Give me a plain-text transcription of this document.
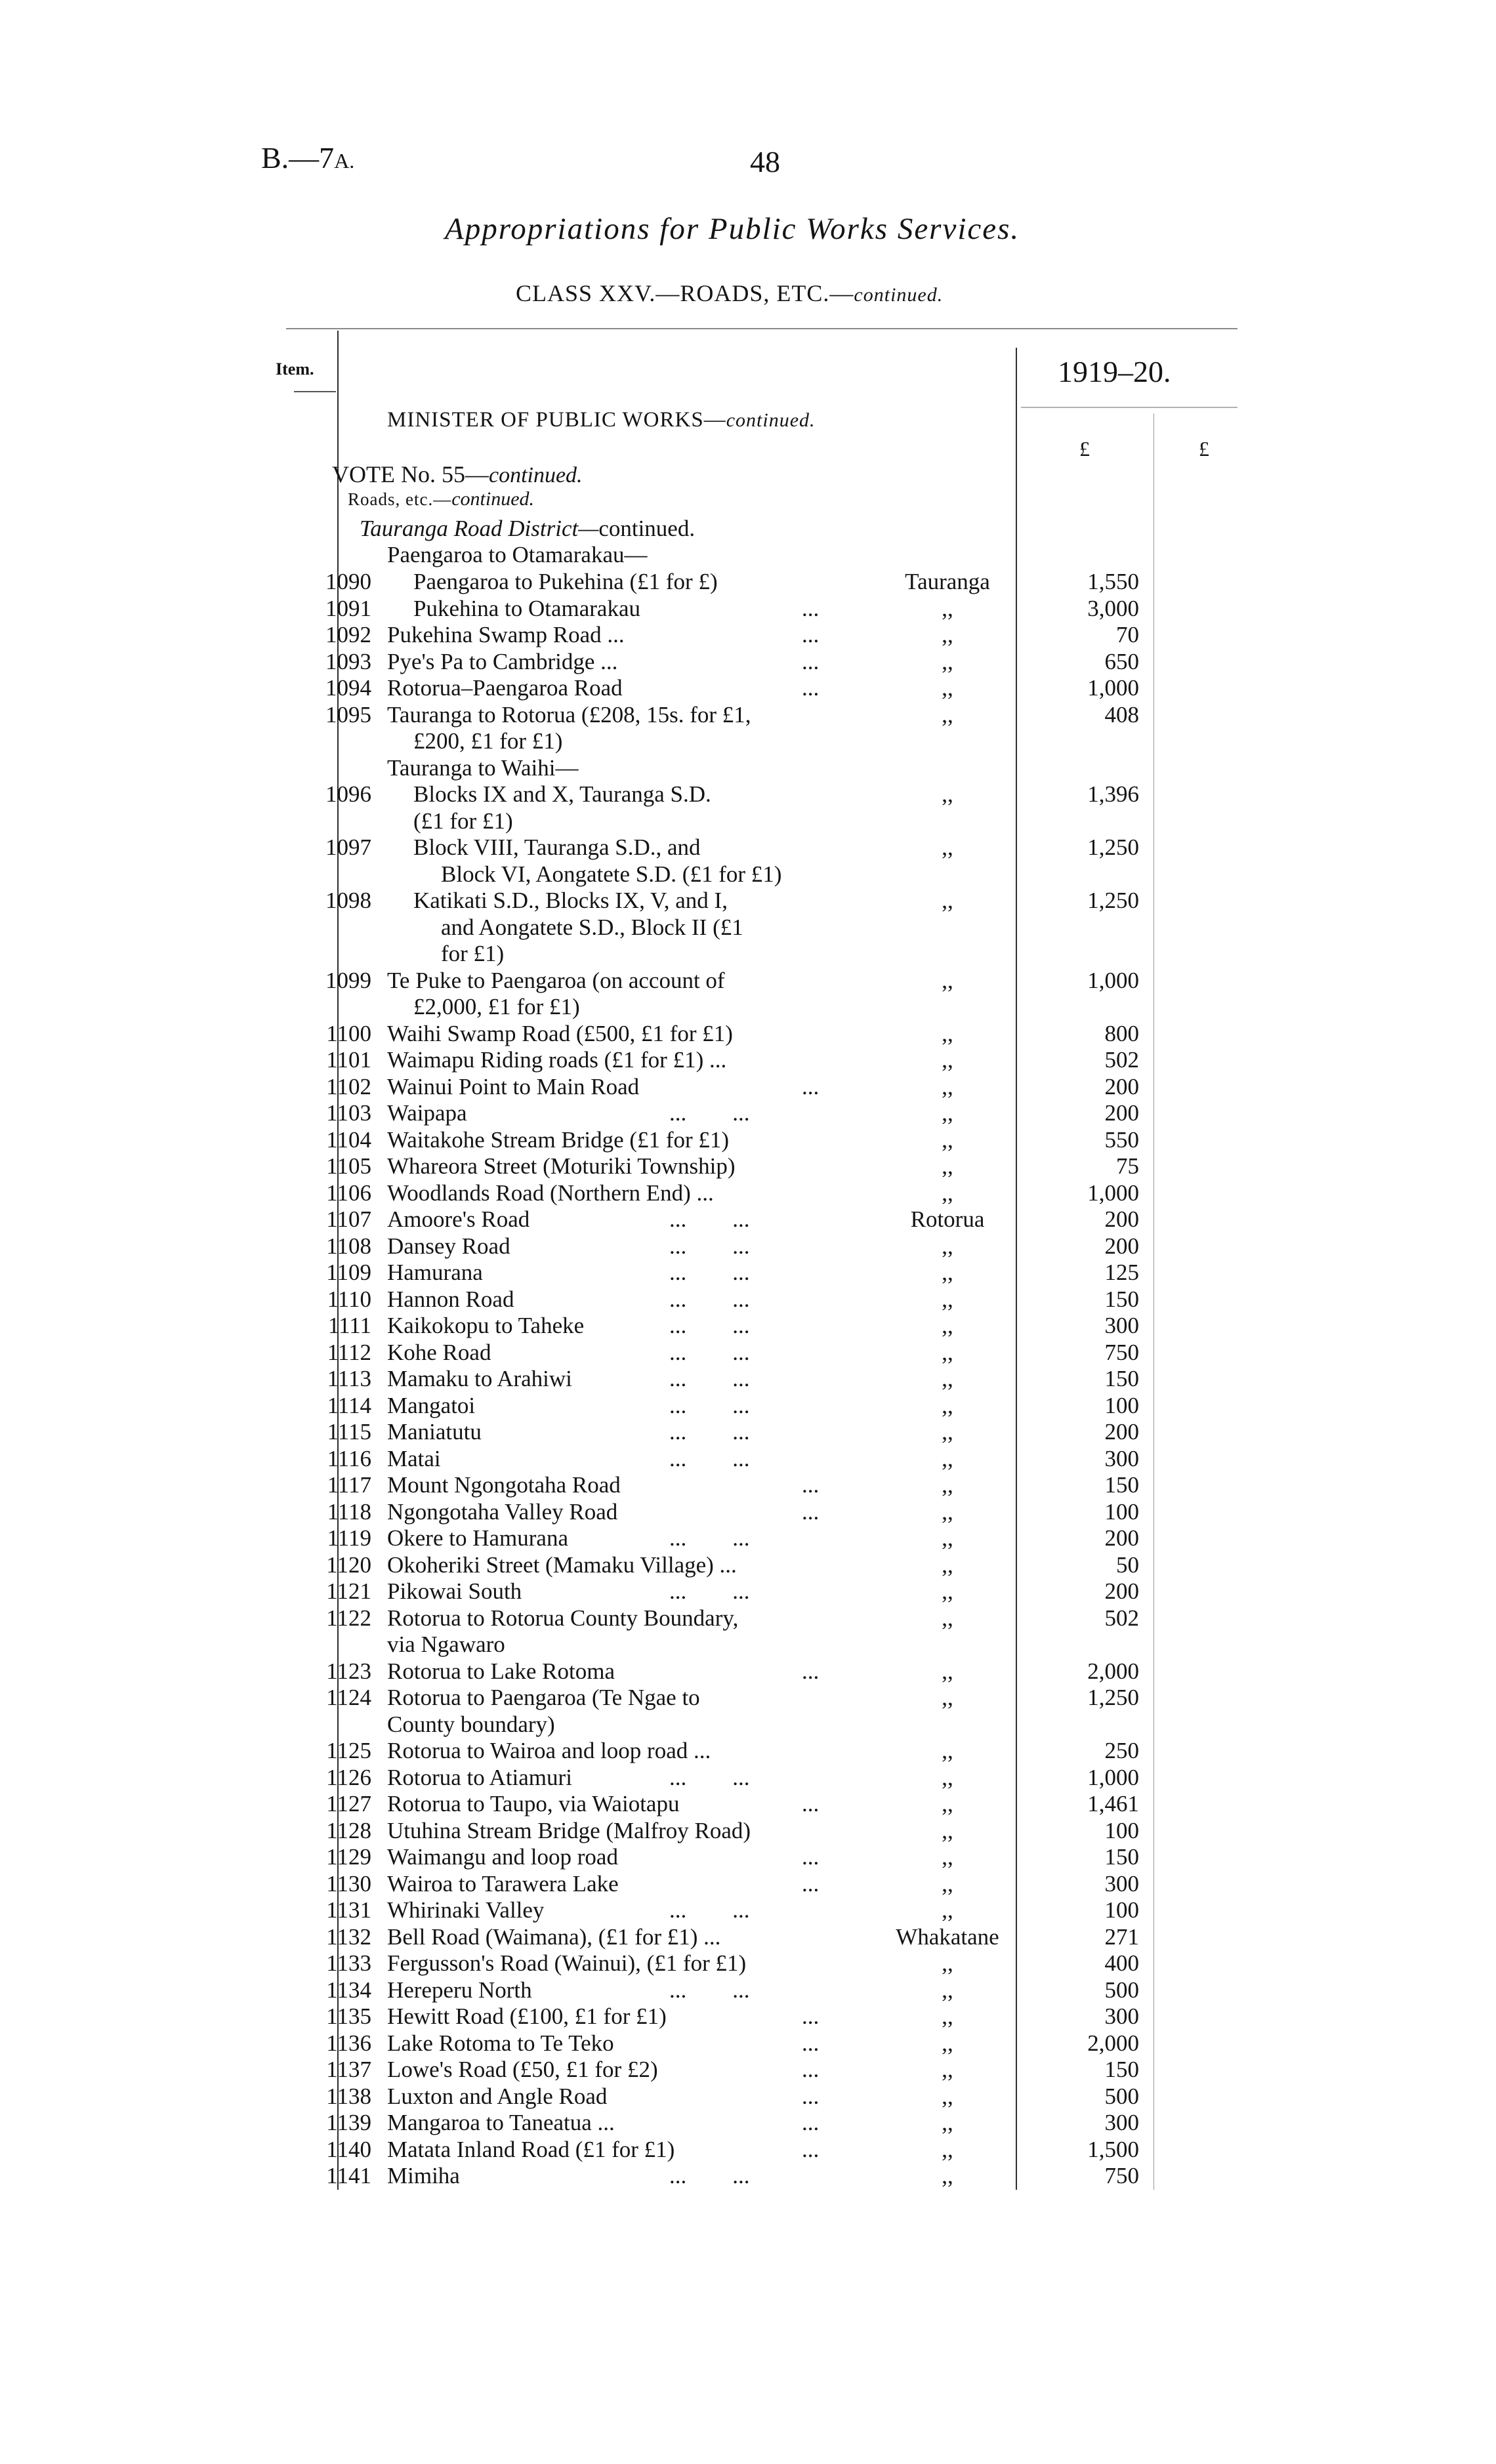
B.—7A.	48
Appropriations for Public Works Services.
CLASS XXV.—ROADS, ETC.—continued.
Item.	1919–20.
MINISTER OF PUBLIC WORKS—continued.
£	£
VOTE No. 55—continued.
Roads, etc.—continued.
Tauranga Road District—continued.
Paengaroa to Otamarakau—
1090 Paengaroa to Pukehina (£1 for £)	Tauranga	1,550
1091 Pukehina to Otamarakau	...	,,	3,000
1092 Pukehina Swamp Road ...	...	,,	70
1093 Pye's Pa to Cambridge ...	...	,,	650
1094 Rotorua–Paengaroa Road	...	,,	1,000
1095 Tauranga to Rotorua (£208, 15s. for £1,	,,	408
£200, £1 for £1)
Tauranga to Waihi—
1096 Blocks IX and X, Tauranga S.D.	,,	1,396
(£1 for £1)
1097 Block VIII, Tauranga S.D., and	,,	1,250
Block VI, Aongatete S.D. (£1 for £1)
1098 Katikati S.D., Blocks IX, V, and I,	,,	1,250
and Aongatete S.D., Block II (£1
for £1)
1099 Te Puke to Paengaroa (on account of	,,	1,000
£2,000, £1 for £1)
1100 Waihi Swamp Road (£500, £1 for £1)	,,	800
1101 Waimapu Riding roads (£1 for £1) ...	,,	502
1102 Wainui Point to Main Road	...	,,	200
1103 Waipapa	...        ...	,,	200
1104 Waitakohe Stream Bridge (£1 for £1)	,,	550
1105 Whareora Street (Moturiki Township)	,,	75
1106 Woodlands Road (Northern End) ...	,,	1,000
1107 Amoore's Road	...        ...	Rotorua	200
1108 Dansey Road	...        ...	,,	200
1109 Hamurana	...        ...	,,	125
1110 Hannon Road	...        ...	,,	150
1111 Kaikokopu to Taheke	...        ...	,,	300
1112 Kohe Road	...        ...	,,	750
1113 Mamaku to Arahiwi	...        ...	,,	150
1114 Mangatoi	...        ...	,,	100
1115 Maniatutu	...        ...	,,	200
1116 Matai	...        ...	,,	300
1117 Mount Ngongotaha Road	...	,,	150
1118 Ngongotaha Valley Road	...	,,	100
1119 Okere to Hamurana	...        ...	,,	200
1120 Okoheriki Street (Mamaku Village) ...	,,	50
1121 Pikowai South	...        ...	,,	200
1122 Rotorua to Rotorua County Boundary,	,,	502
via Ngawaro
1123 Rotorua to Lake Rotoma	...	,,	2,000
1124 Rotorua to Paengaroa (Te Ngae to	,,	1,250
County boundary)
1125 Rotorua to Wairoa and loop road ...	,,	250
1126 Rotorua to Atiamuri	...        ...	,,	1,000
1127 Rotorua to Taupo, via Waiotapu	...	,,	1,461
1128 Utuhina Stream Bridge (Malfroy Road)	,,	100
1129 Waimangu and loop road	...	,,	150
1130 Wairoa to Tarawera Lake	...	,,	300
1131 Whirinaki Valley	...        ...	,,	100
1132 Bell Road (Waimana), (£1 for £1) ...	Whakatane	271
1133 Fergusson's Road (Wainui), (£1 for £1)	,,	400
1134 Hereperu North	...        ...	,,	500
1135 Hewitt Road (£100, £1 for £1)	...	,,	300
1136 Lake Rotoma to Te Teko	...	,,	2,000
1137 Lowe's Road (£50, £1 for £2)	...	,,	150
1138 Luxton and Angle Road	...	,,	500
1139 Mangaroa to Taneatua ...	...	,,	300
1140 Matata Inland Road (£1 for £1)	...	,,	1,500
1141 Mimiha	...        ...	,,	750
